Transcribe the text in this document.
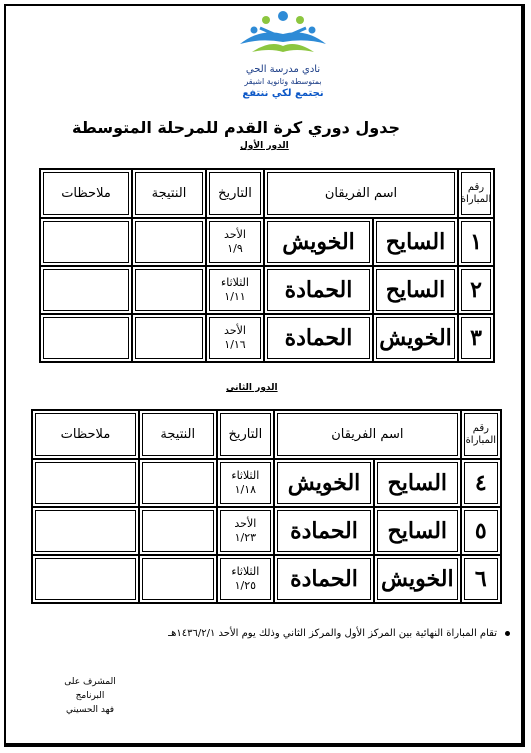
نادي مدرسة الحي
بمتوسطة وثانوية اشيقر
نجتمع لكي ننتفع
جدول دوري كرة القدم للمرحلة المتوسطة
الدور الأول
رقم المباراة	اسم الفريقان		التاريخ	النتيجة	ملاحظات
١	السايح	الخويش	الأحد
١/٩		
٢	السايح	الحمادة	الثلاثاء
١/١١		
٣	الخويش	الحمادة	الأحد
١/١٦		
الدور الثاني
رقم المباراة	اسم الفريقان		التاريخ	النتيجة	ملاحظات
٤	السايح	الخويش	الثلاثاء
١/١٨		
٥	السايح	الحمادة	الأحد
١/٢٣		
٦	الخويش	الحمادة	الثلاثاء
١/٢٥		
تقام المباراة النهائية بين المركز الأول والمركز الثاني وذلك يوم الأحد ١٤٣٦/٢/١هـ
المشرف على البرنامج
فهد الحسيني
